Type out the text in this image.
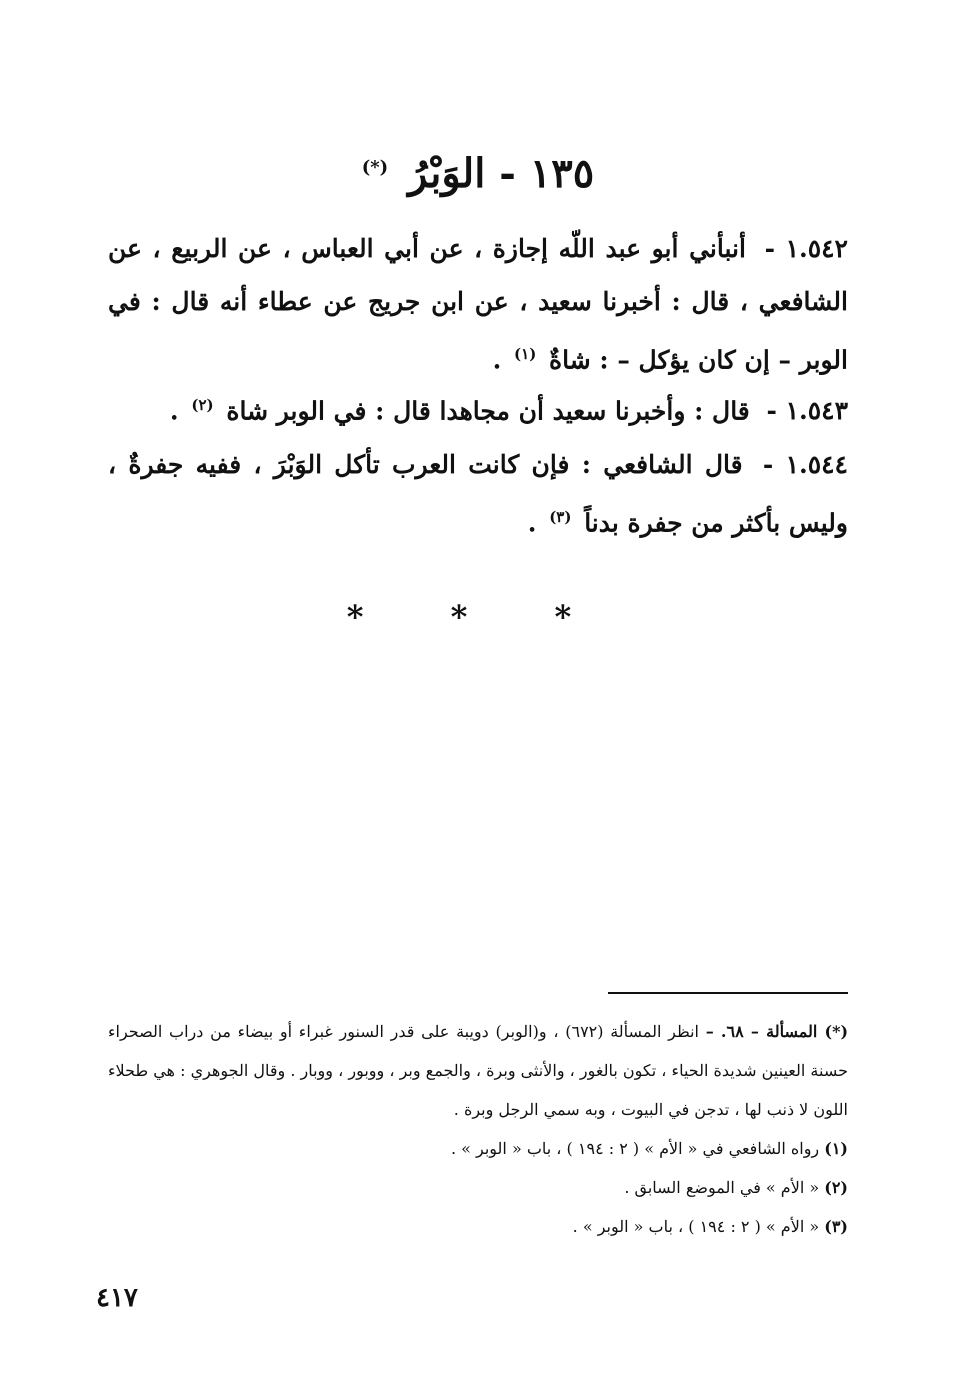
١٣٥ - الوَبْرُ (*)
١.٥٤٢ - أنبأني أبو عبد اللّه إجازة ، عن أبي العباس ، عن الربيع ، عن الشافعي ، قال : أخبرنا سعيد ، عن ابن جريج عن عطاء أنه قال : في الوبر – إن كان يؤكل – : شاةٌ $^{(١)}$ .
١.٥٤٣ - قال : وأخبرنا سعيد أن مجاهدا قال : في الوبر شاة $^{(٢)}$ .
١.٥٤٤ - قال الشافعي : فإن كانت العرب تأكل الوَبْرَ ، ففيه جفرةٌ ، وليس بأكثر من جفرة بدناً $^{(٣)}$ .
* * *
(*) المسألة – ٦٨. – انظر المسألة (٦٧٢) ، و(الوبر) دويبة على قدر السنور غبراء أو بيضاء من دراب الصحراء حسنة العينين شديدة الحياء ، تكون بالغور ، والأنثى وبرة ، والجمع وبر ، ووبور ، ووبار . وقال الجوهري : هي طحلاء اللون لا ذنب لها ، تدجن في البيوت ، وبه سمي الرجل وبرة .
(١) رواه الشافعي في « الأم » ( ٢ : ١٩٤ ) ، باب « الوبر » .
(٢) « الأم » في الموضع السابق .
(٣) « الأم » ( ٢ : ١٩٤ ) ، باب « الوبر » .
٤١٧
